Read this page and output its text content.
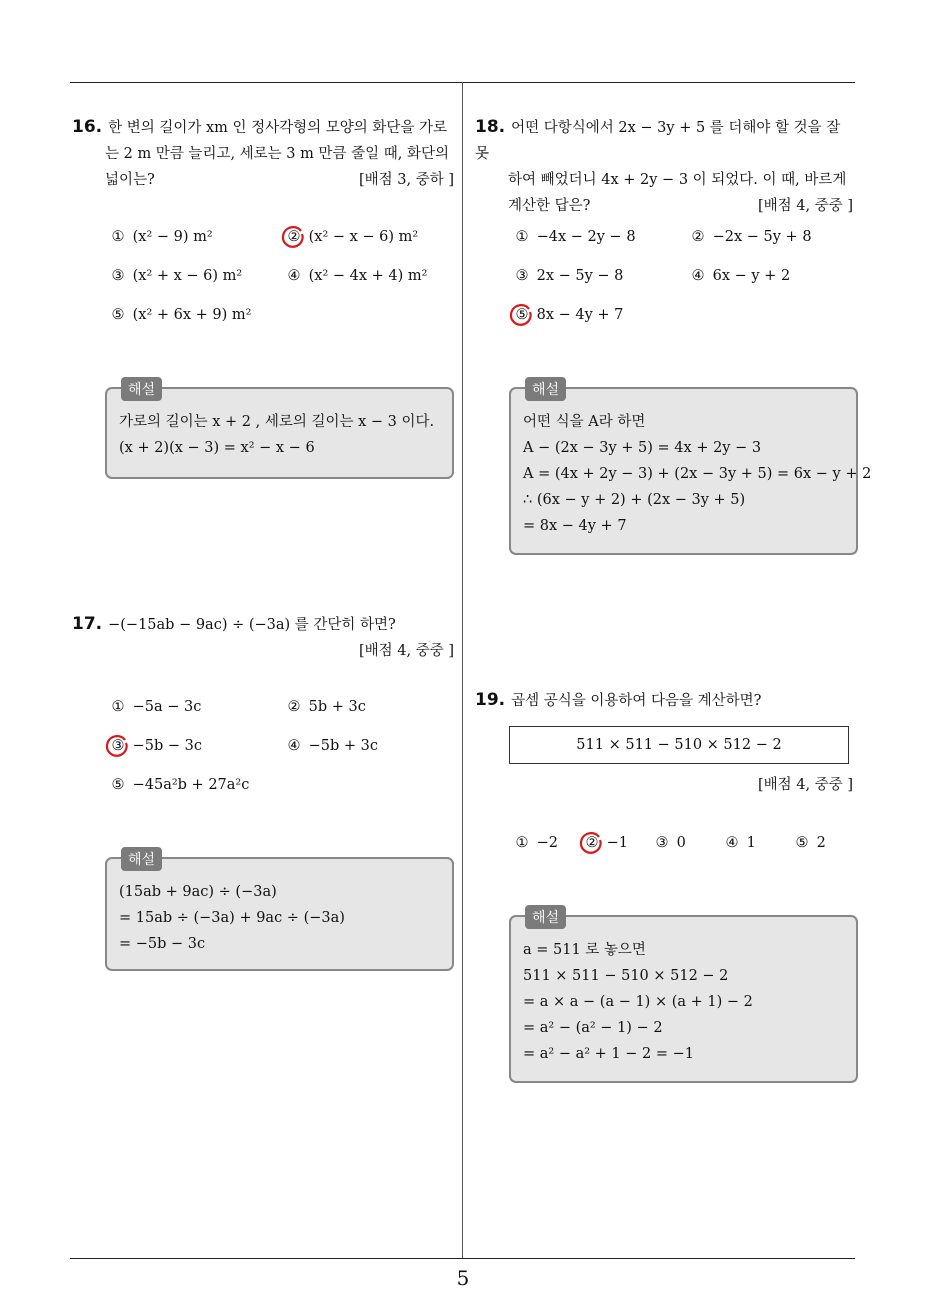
5
16. 한 변의 길이가 xm 인 정사각형의 모양의 화단을 가로
는 2 m 만큼 늘리고, 세로는 3 m 만큼 줄일 때, 화단의
넓이는?	[배점 3, 중하 ]
① (x² − 9) m²	② (x² − x − 6) m²
③ (x² + x − 6) m²	④ (x² − 4x + 4) m²
⑤ (x² + 6x + 9) m²
해설
가로의 길이는 x + 2 , 세로의 길이는 x − 3 이다.
(x + 2)(x − 3) = x² − x − 6
17. −(−15ab − 9ac) ÷ (−3a) 를 간단히 하면?
[배점 4, 중중 ]
① −5a − 3c	② 5b + 3c
③ −5b − 3c	④ −5b + 3c
⑤ −45a²b + 27a²c
해설
(15ab + 9ac) ÷ (−3a)
= 15ab ÷ (−3a) + 9ac ÷ (−3a)
= −5b − 3c
18. 어떤 다항식에서 2x − 3y + 5 를 더해야 할 것을 잘못
하여 빼었더니 4x + 2y − 3 이 되었다. 이 때, 바르게
계산한 답은?	[배점 4, 중중 ]
① −4x − 2y − 8	② −2x − 5y + 8
③ 2x − 5y − 8	④ 6x − y + 2
⑤ 8x − 4y + 7
해설
어떤 식을 A라 하면
A − (2x − 3y + 5) = 4x + 2y − 3
A = (4x + 2y − 3) + (2x − 3y + 5) = 6x − y + 2
∴ (6x − y + 2) + (2x − 3y + 5)
= 8x − 4y + 7
19. 곱셈 공식을 이용하여 다음을 계산하면?
511 × 511 − 510 × 512 − 2
[배점 4, 중중 ]
① −2 ② −1 ③ 0	④ 1	⑤ 2
해설
a = 511 로 놓으면
511 × 511 − 510 × 512 − 2
= a × a − (a − 1) × (a + 1) − 2
= a² − (a² − 1) − 2
= a² − a² + 1 − 2 = −1
